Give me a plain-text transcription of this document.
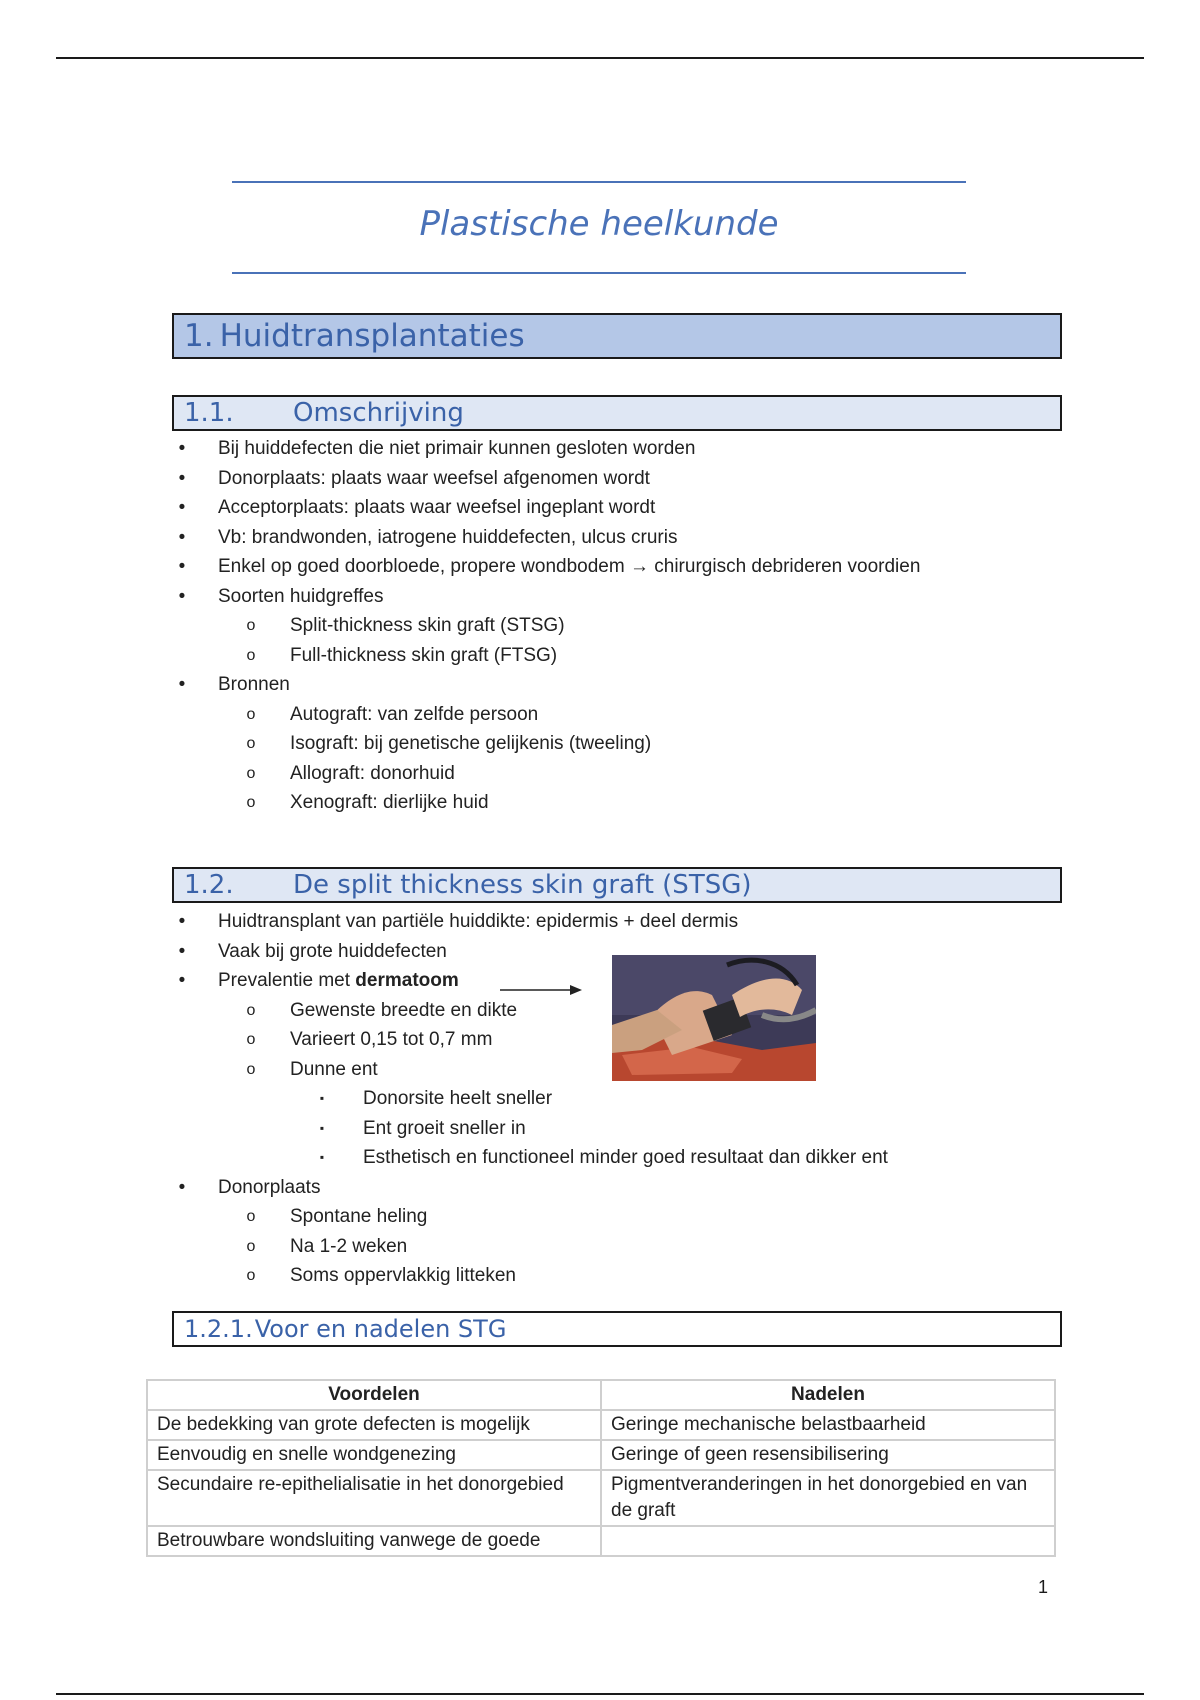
Plastische heelkunde
1. Huidtransplantaties
1.1.	Omschrijving
•	Bij huiddefecten die niet primair kunnen gesloten worden
•	Donorplaats: plaats waar weefsel afgenomen wordt
•	Acceptorplaats: plaats waar weefsel ingeplant wordt
•	Vb: brandwonden, iatrogene huiddefecten, ulcus cruris
•	Enkel op goed doorbloede, propere wondbodem → chirurgisch debrideren voordien
•	Soorten huidgreffes
o Split-thickness skin graft (STSG)
o Full-thickness skin graft (FTSG)
•	Bronnen
o Autograft: van zelfde persoon
o Isograft: bij genetische gelijkenis (tweeling)
o Allograft: donorhuid
o Xenograft: dierlijke huid
1.2.	De split thickness skin graft (STSG)
•	Huidtransplant van partiële huiddikte: epidermis + deel dermis
•	Vaak bij grote huiddefecten
•	Prevalentie met dermatoom
o Gewenste breedte en dikte
o Varieert 0,15 tot 0,7 mm
o Dunne ent
▪	Donorsite heelt sneller
▪	Ent groeit sneller in
▪	Esthetisch en functioneel minder goed resultaat dan dikker ent
•	Donorplaats
o Spontane heling
o Na 1-2 weken
o Soms oppervlakkig litteken
1.2.1. Voor en nadelen STG
Voordelen	Nadelen
De bedekking van grote defecten is mogelijk	Geringe mechanische belastbaarheid
Eenvoudig en snelle wondgenezing	Geringe of geen resensibilisering
Secundaire re-epithelialisatie in het donorgebied	Pigmentveranderingen in het donorgebied en van de graft
Betrouwbare wondsluiting vanwege de goede	
1
